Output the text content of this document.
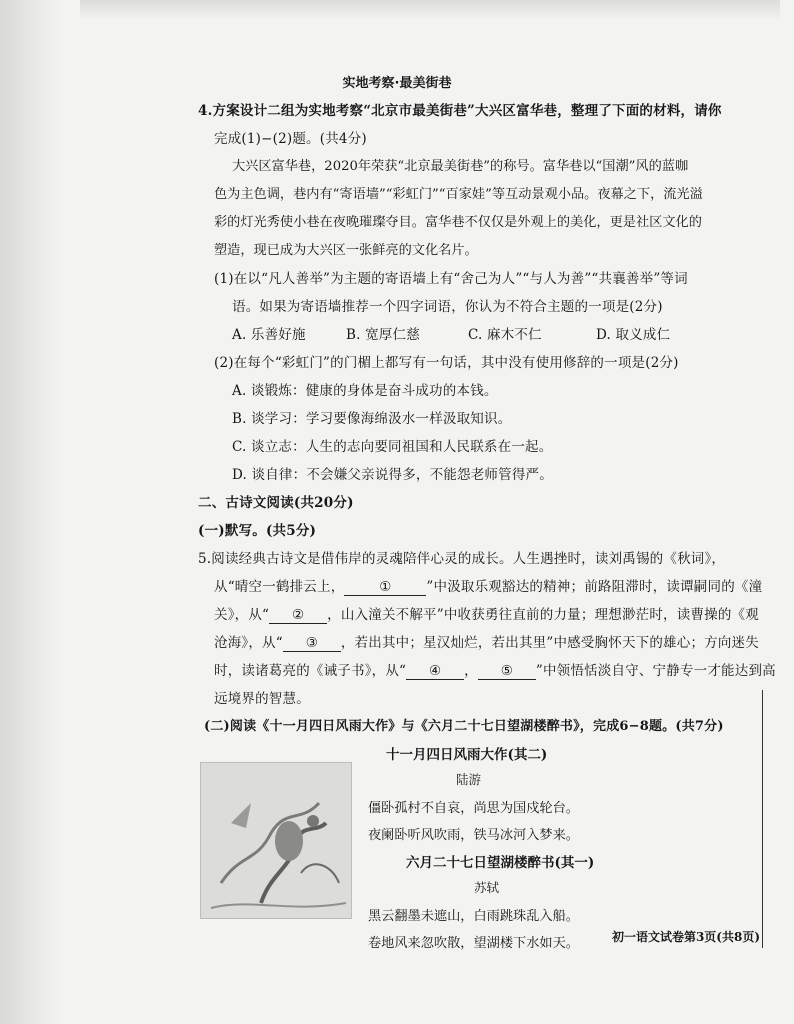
实地考察·最美街巷
4.方案设计二组为实地考察“北京市最美街巷”大兴区富华巷，整理了下面的材料，请你
完成(1)−(2)题。(共4分)
大兴区富华巷，2020年荣获“北京最美街巷”的称号。富华巷以“国潮”风的蓝咖
色为主色调，巷内有“寄语墙”“彩虹门”“百家娃”等互动景观小品。夜幕之下，流光溢
彩的灯光秀使小巷在夜晚璀璨夺目。富华巷不仅仅是外观上的美化，更是社区文化的
塑造，现已成为大兴区一张鲜亮的文化名片。
(1)在以“凡人善举”为主题的寄语墙上有“舍己为人”“与人为善”“共襄善举”等词
语。如果为寄语墙推荐一个四字词语，你认为不符合主题的一项是(2分)
A. 乐善好施	B. 宽厚仁慈	C. 麻木不仁	D. 取义成仁
(2)在每个“彩虹门”的门楣上都写有一句话，其中没有使用修辞的一项是(2分)
A. 谈锻炼：健康的身体是奋斗成功的本钱。
B. 谈学习：学习要像海绵汲水一样汲取知识。
C. 谈立志：人生的志向要同祖国和人民联系在一起。
D. 谈自律：不会嫌父亲说得多，不能怨老师管得严。
二、古诗文阅读(共20分)
(一)默写。(共5分)
5.阅读经典古诗文是借伟岸的灵魂陪伴心灵的成长。人生遇挫时，读刘禹锡的《秋词》，
从“晴空一鹤排云上，	①	”中汲取乐观豁达的精神；前路阻滞时，读谭嗣同的《潼
关》，从“ ② ，山入潼关不解平”中收获勇往直前的力量；理想渺茫时，读曹操的《观
沧海》，从“ ③ ，若出其中；星汉灿烂，若出其里”中感受胸怀天下的雄心；方向迷失
时，读诸葛亮的《诫子书》，从“ ④ ， ⑤ ”中领悟恬淡自守、宁静专一才能达到高
远境界的智慧。
(二)阅读《十一月四日风雨大作》与《六月二十七日望湖楼醉书》，完成6−8题。(共7分)
十一月四日风雨大作(其二)
陆游
僵卧孤村不自哀，尚思为国戍轮台。
夜阑卧听风吹雨，铁马冰河入梦来。
六月二十七日望湖楼醉书(其一)
苏轼
黑云翻墨未遮山，白雨跳珠乱入船。
卷地风来忽吹散，望湖楼下水如天。	初一语文试卷第3页(共8页)
